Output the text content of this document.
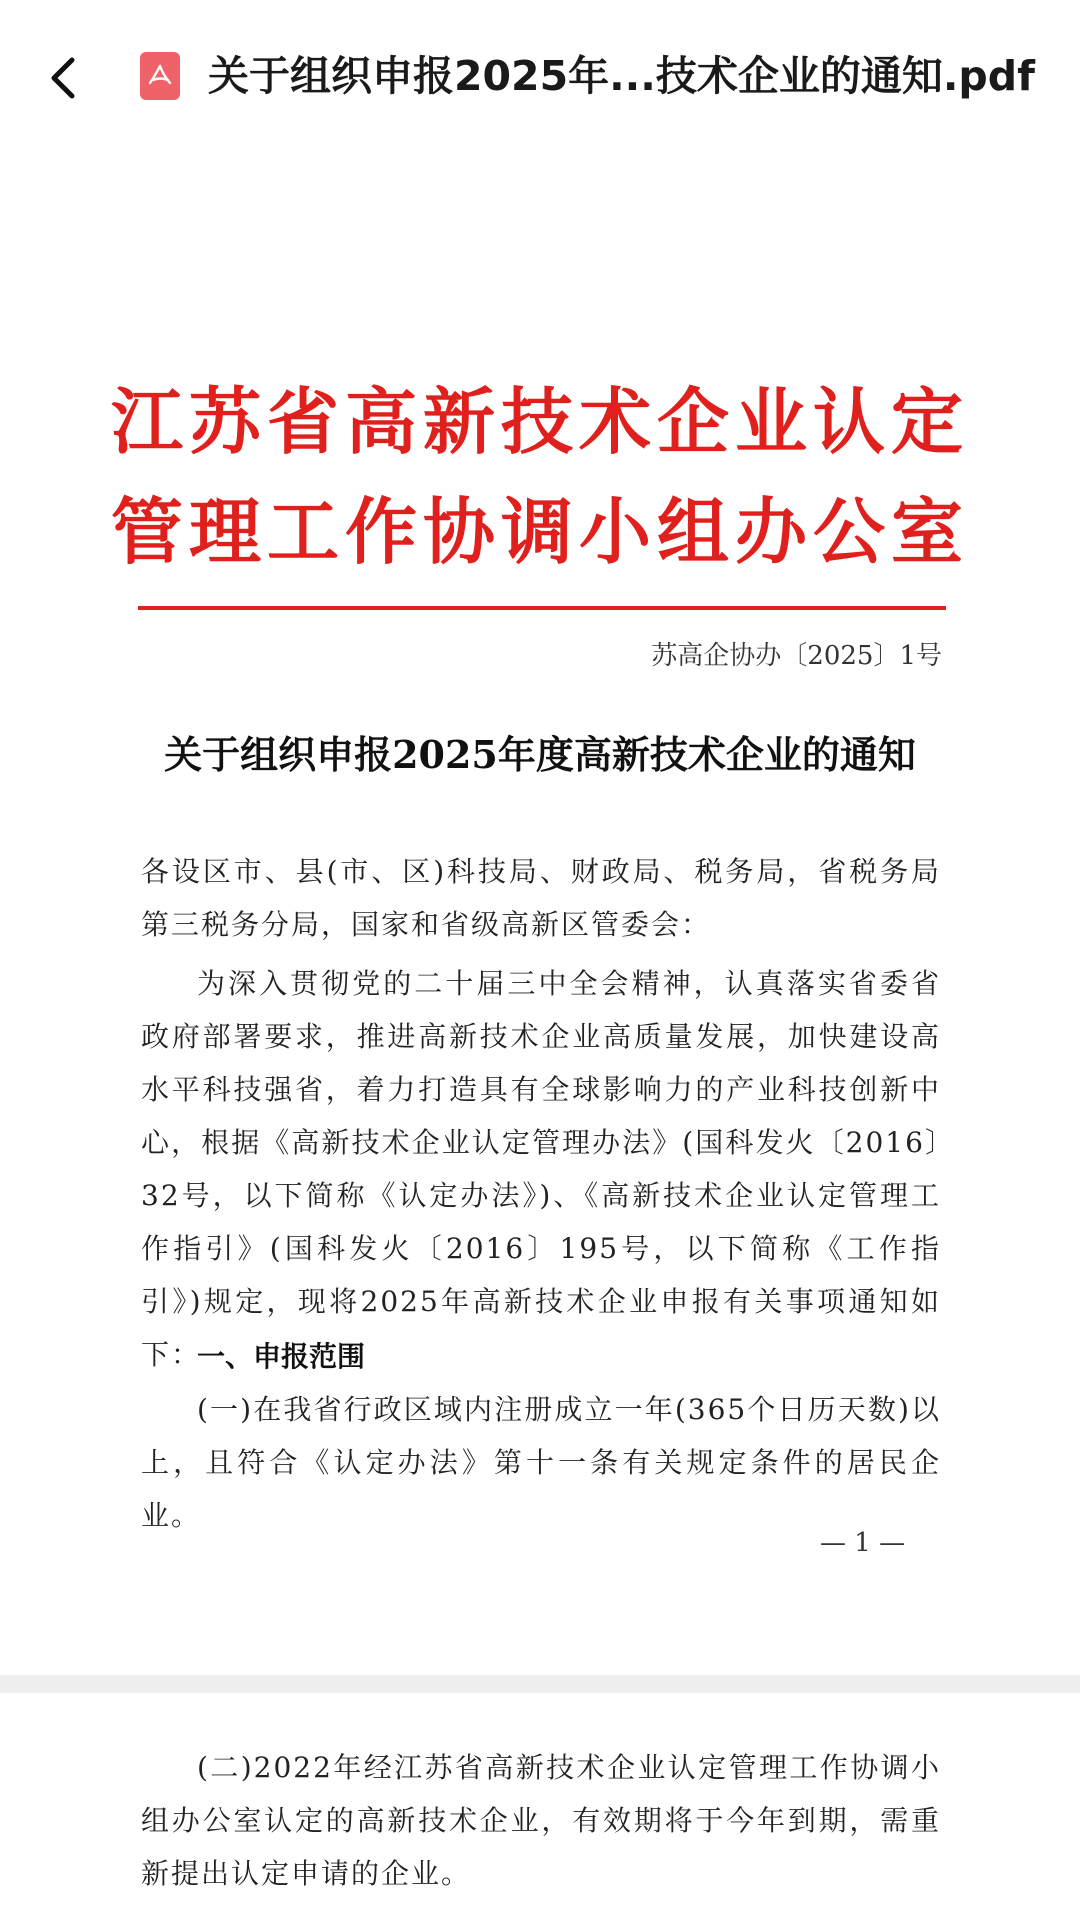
关于组织申报2025年...技术企业的通知.pdf
江苏省高新技术企业认定
管理工作协调小组办公室
苏高企协办〔2025〕1号
关于组织申报2025年度高新技术企业的通知
各设区市、县(市、区)科技局、财政局、税务局，省税务局第三税务分局，国家和省级高新区管委会：
为深入贯彻党的二十届三中全会精神，认真落实省委省政府部署要求，推进高新技术企业高质量发展，加快建设高水平科技强省，着力打造具有全球影响力的产业科技创新中心，根据《高新技术企业认定管理办法》(国科发火〔2016〕32号，以下简称《认定办法》)、《高新技术企业认定管理工作指引》(国科发火〔2016〕195号，以下简称《工作指引》)规定，现将2025年高新技术企业申报有关事项通知如下：
一、申报范围
(一)在我省行政区域内注册成立一年(365个日历天数)以上，且符合《认定办法》第十一条有关规定条件的居民企业。
— 1 —
(二)2022年经江苏省高新技术企业认定管理工作协调小组办公室认定的高新技术企业，有效期将于今年到期，需重新提出认定申请的企业。
